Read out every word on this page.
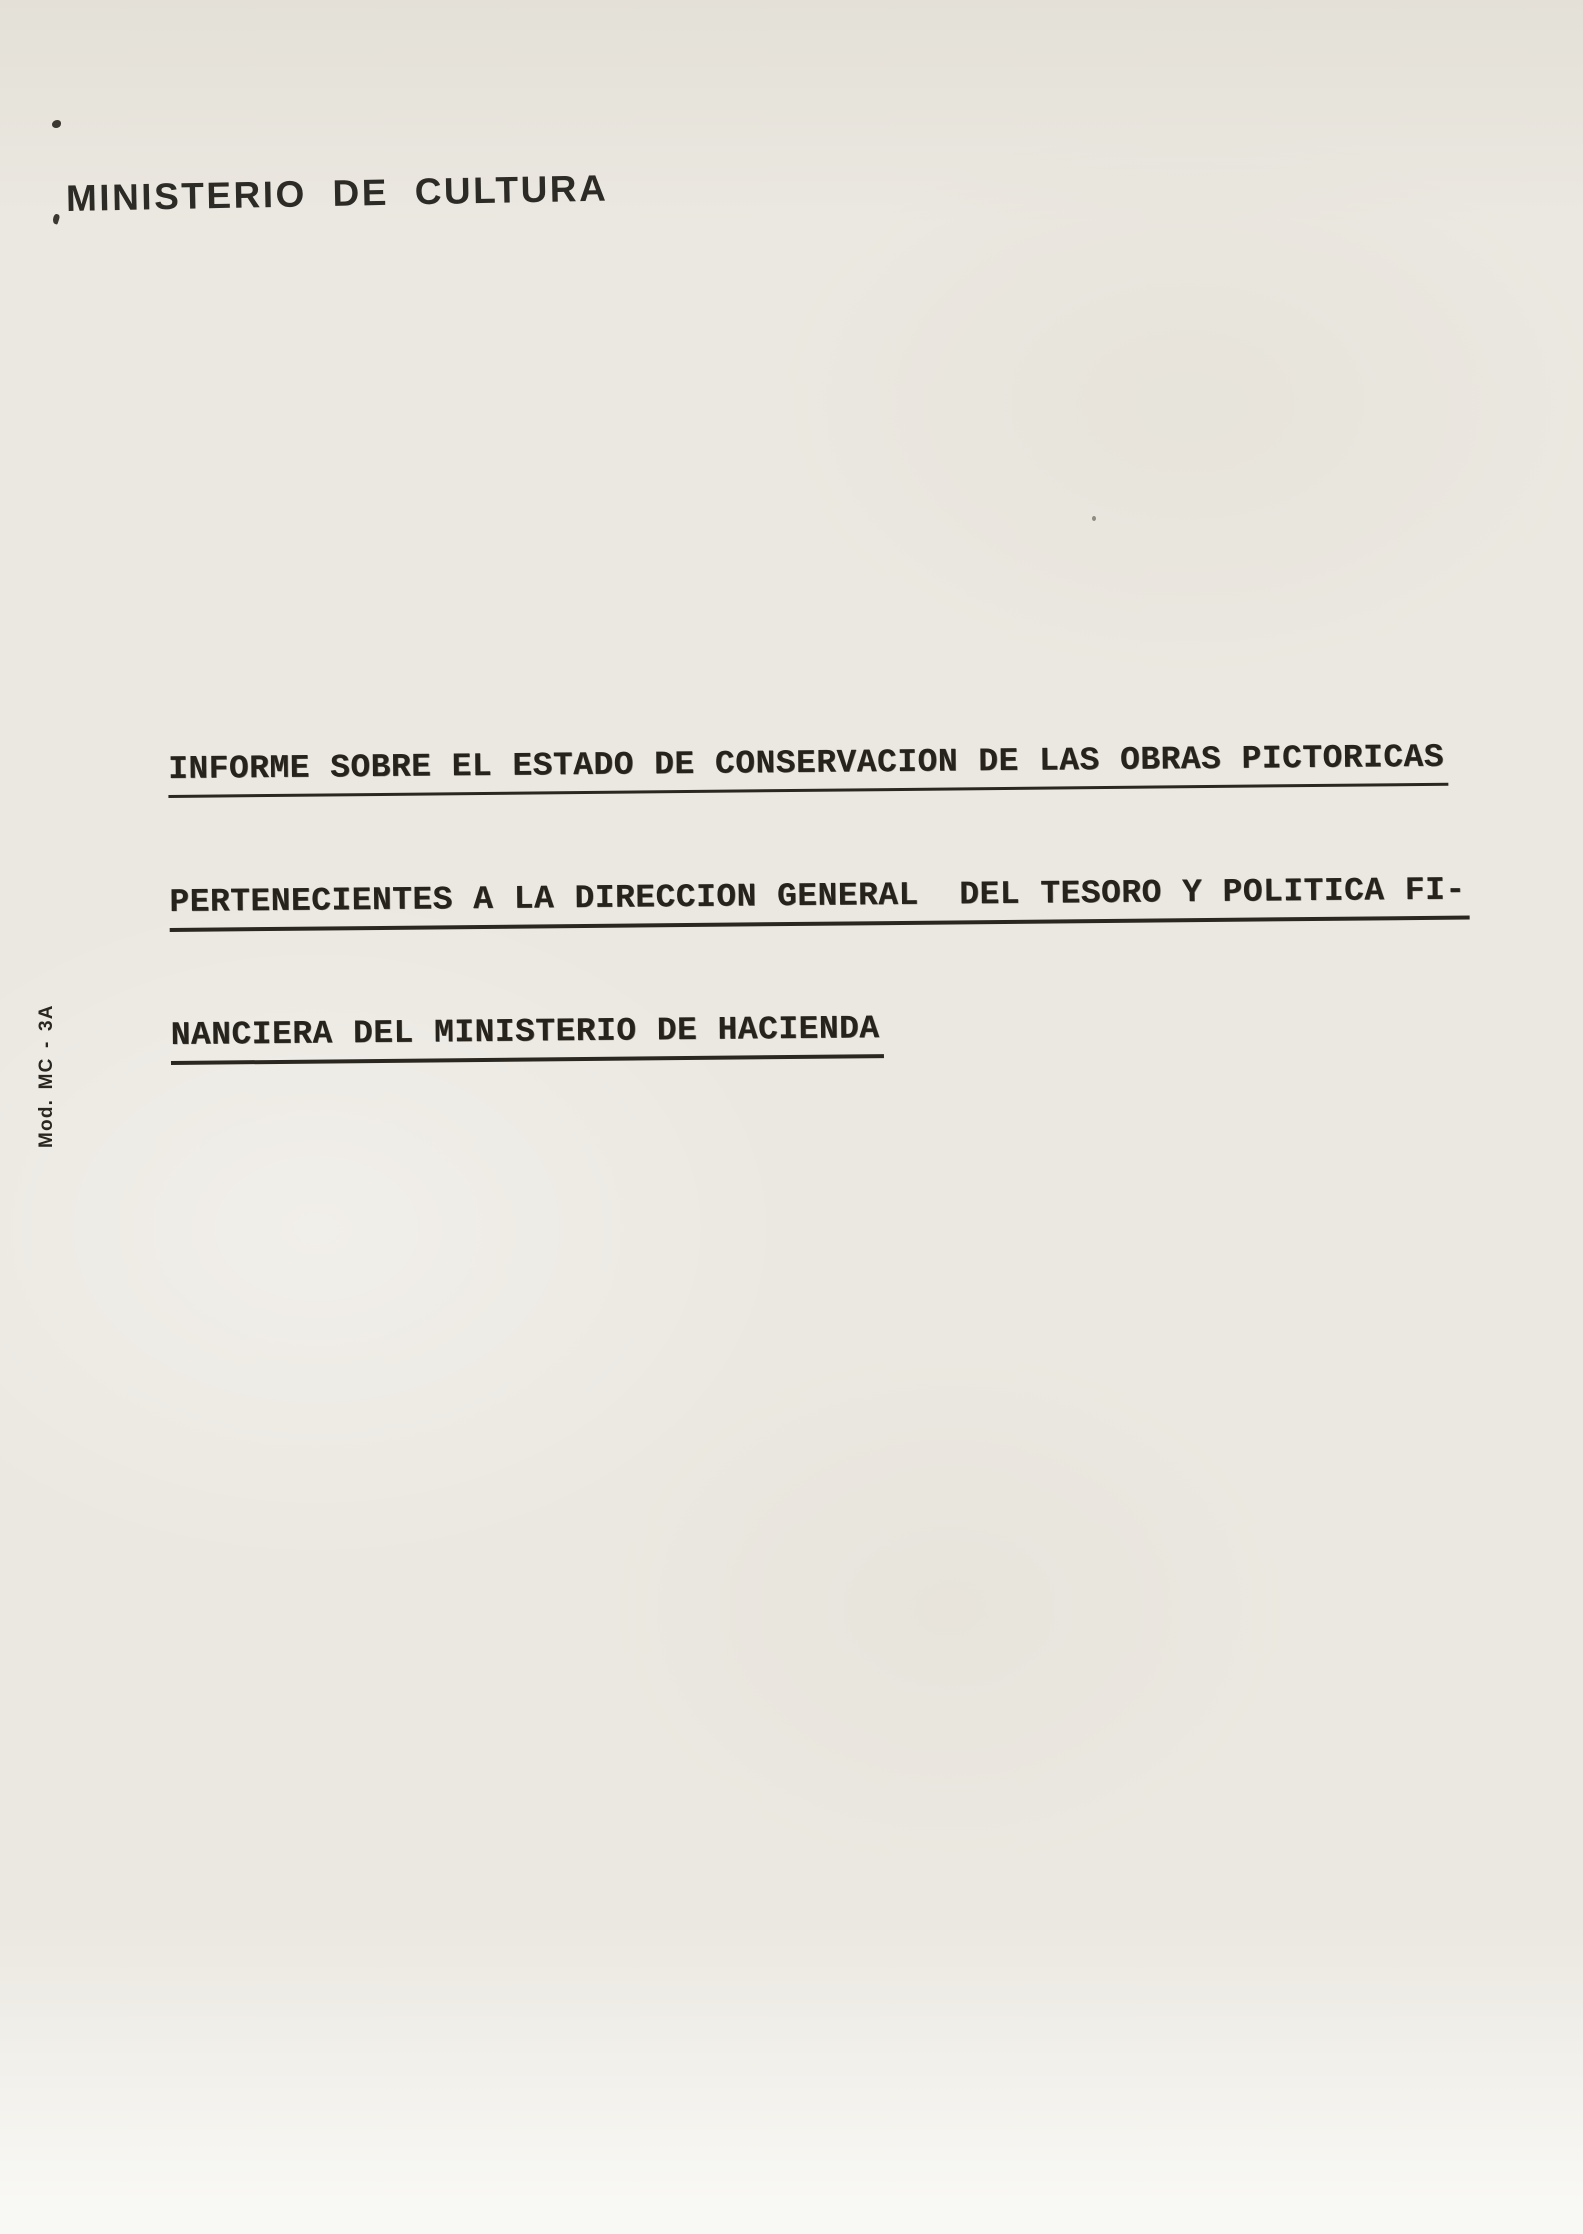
MINISTERIO DE CULTURA
INFORME SOBRE EL ESTADO DE CONSERVACION DE LAS OBRAS PICTORICAS
PERTENECIENTES A LA DIRECCION GENERAL  DEL TESORO Y POLITICA FI-
NANCIERA DEL MINISTERIO DE HACIENDA
Mod. MC - 3A
